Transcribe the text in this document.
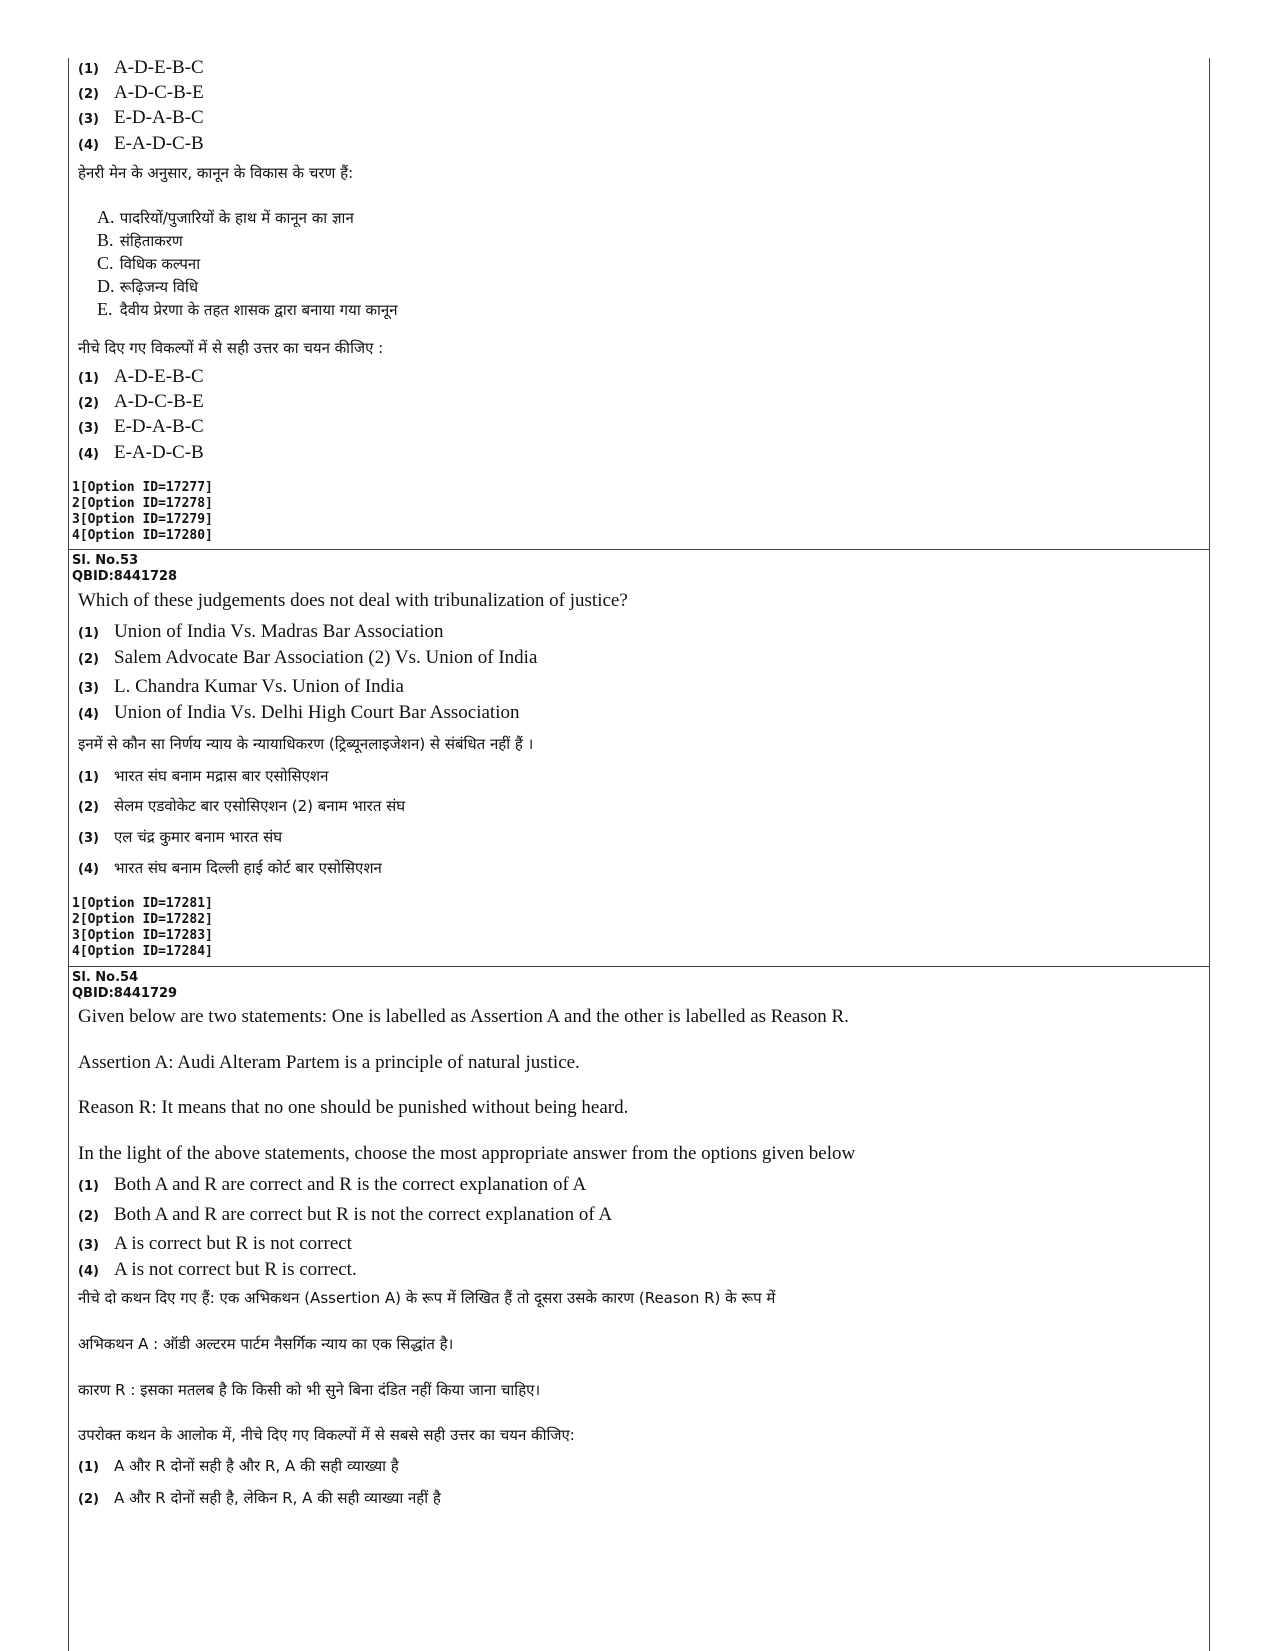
(1) A-D-E-B-C
(2) A-D-C-B-E
(3) E-D-A-B-C
(4) E-A-D-C-B
हेनरी मेन के अनुसार, कानून के विकास के चरण हैं:
A. पादरियों/पुजारियों के हाथ में कानून का ज्ञान
B. संहिताकरण
C. विधिक कल्पना
D. रूढ़िजन्य विधि
E. दैवीय प्रेरणा के तहत शासक द्वारा बनाया गया कानून
नीचे दिए गए विकल्पों में से सही उत्तर का चयन कीजिए :
(1) A-D-E-B-C
(2) A-D-C-B-E
(3) E-D-A-B-C
(4) E-A-D-C-B
1[Option ID=17277]
2[Option ID=17278]
3[Option ID=17279]
4[Option ID=17280]
Sl. No.53
QBID:8441728
Which of these judgements does not deal with tribunalization of justice?
(1) Union of India Vs. Madras Bar Association
(2) Salem Advocate Bar Association (2) Vs. Union of India
(3) L. Chandra Kumar Vs. Union of India
(4) Union of India Vs. Delhi High Court Bar Association
इनमें से कौन सा निर्णय न्याय के न्यायाधिकरण (ट्रिब्यूनलाइजेशन) से संबंधित नहीं हैं ।
(1) भारत संघ बनाम मद्रास बार एसोसिएशन
(2) सेलम एडवोकेट बार एसोसिएशन (2) बनाम भारत संघ
(3) एल चंद्र कुमार बनाम भारत संघ
(4) भारत संघ बनाम दिल्ली हाई कोर्ट बार एसोसिएशन
1[Option ID=17281]
2[Option ID=17282]
3[Option ID=17283]
4[Option ID=17284]
Sl. No.54
QBID:8441729
Given below are two statements: One is labelled as Assertion A and the other is labelled as Reason R.
Assertion A: Audi Alteram Partem is a principle of natural justice.
Reason R: It means that no one should be punished without being heard.
In the light of the above statements, choose the most appropriate answer from the options given below
(1) Both A and R are correct and R is the correct explanation of A
(2) Both A and R are correct but R is not the correct explanation of A
(3) A is correct but R is not correct
(4) A is not correct but R is correct.
नीचे दो कथन दिए गए हैं: एक अभिकथन (Assertion A) के रूप में लिखित हैं तो दूसरा उसके कारण (Reason R) के रूप में
अभिकथन A : ऑडी अल्टरम पार्टम नैसर्गिक न्याय का एक सिद्धांत है।
कारण R : इसका मतलब है कि किसी को भी सुने बिना दंडित नहीं किया जाना चाहिए।
उपरोक्त कथन के आलोक में, नीचे दिए गए विकल्पों में से सबसे सही उत्तर का चयन कीजिए:
(1) A और R दोनों सही है और R, A की सही व्याख्या है
(2) A और R दोनों सही है, लेकिन R, A की सही व्याख्या नहीं है
